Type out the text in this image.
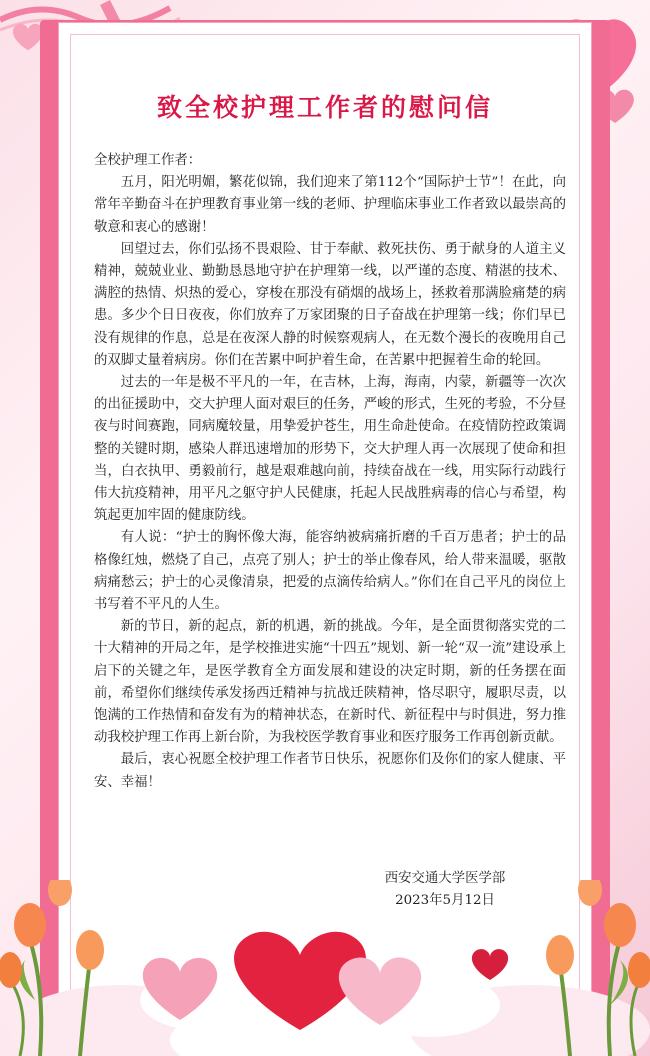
致全校护理工作者的慰问信

全校护理工作者：

五月，阳光明媚，繁花似锦，我们迎来了第112个“国际护士节”！在此，向常年辛勤奋斗在护理教育事业第一线的老师、护理临床事业工作者致以最崇高的敬意和衷心的感谢！

回望过去，你们弘扬不畏艰险、甘于奉献、救死扶伤、勇于献身的人道主义精神，兢兢业业、勤勤恳恳地守护在护理第一线，以严谨的态度、精湛的技术、满腔的热情、炽热的爱心，穿梭在那没有硝烟的战场上，拯救着那满脸痛楚的病患。多少个日日夜夜，你们放弃了万家团聚的日子奋战在护理第一线；你们早已没有规律的作息，总是在夜深人静的时候察观病人，在无数个漫长的夜晚用自己的双脚丈量着病房。你们在苦累中呵护着生命，在苦累中把握着生命的轮回。

过去的一年是极不平凡的一年，在吉林，上海，海南，内蒙，新疆等一次次的出征援助中，交大护理人面对艰巨的任务，严峻的形式，生死的考验，不分昼夜与时间赛跑，同病魔较量，用挚爱护苍生，用生命赴使命。在疫情防控政策调整的关键时期，感染人群迅速增加的形势下，交大护理人再一次展现了使命和担当，白衣执甲、勇毅前行，越是艰难越向前，持续奋战在一线，用实际行动践行伟大抗疫精神，用平凡之躯守护人民健康，托起人民战胜病毒的信心与希望，构筑起更加牢固的健康防线。

有人说：“护士的胸怀像大海，能容纳被病痛折磨的千百万患者；护士的品格像红烛，燃烧了自己，点亮了别人；护士的举止像春风，给人带来温暖，驱散病痛愁云；护士的心灵像清泉，把爱的点滴传给病人。”你们在自己平凡的岗位上书写着不平凡的人生。

新的节日，新的起点，新的机遇，新的挑战。今年，是全面贯彻落实党的二十大精神的开局之年，是学校推进实施“十四五”规划、新一轮“双一流”建设承上启下的关键之年，是医学教育全方面发展和建设的决定时期，新的任务摆在面前，希望你们继续传承发扬西迁精神与抗战迁陕精神，恪尽职守，履职尽责，以饱满的工作热情和奋发有为的精神状态，在新时代、新征程中与时俱进，努力推动我校护理工作再上新台阶，为我校医学教育事业和医疗服务工作再创新贡献。

最后，衷心祝愿全校护理工作者节日快乐，祝愿你们及你们的家人健康、平安、幸福！

西安交通大学医学部
2023年5月12日
